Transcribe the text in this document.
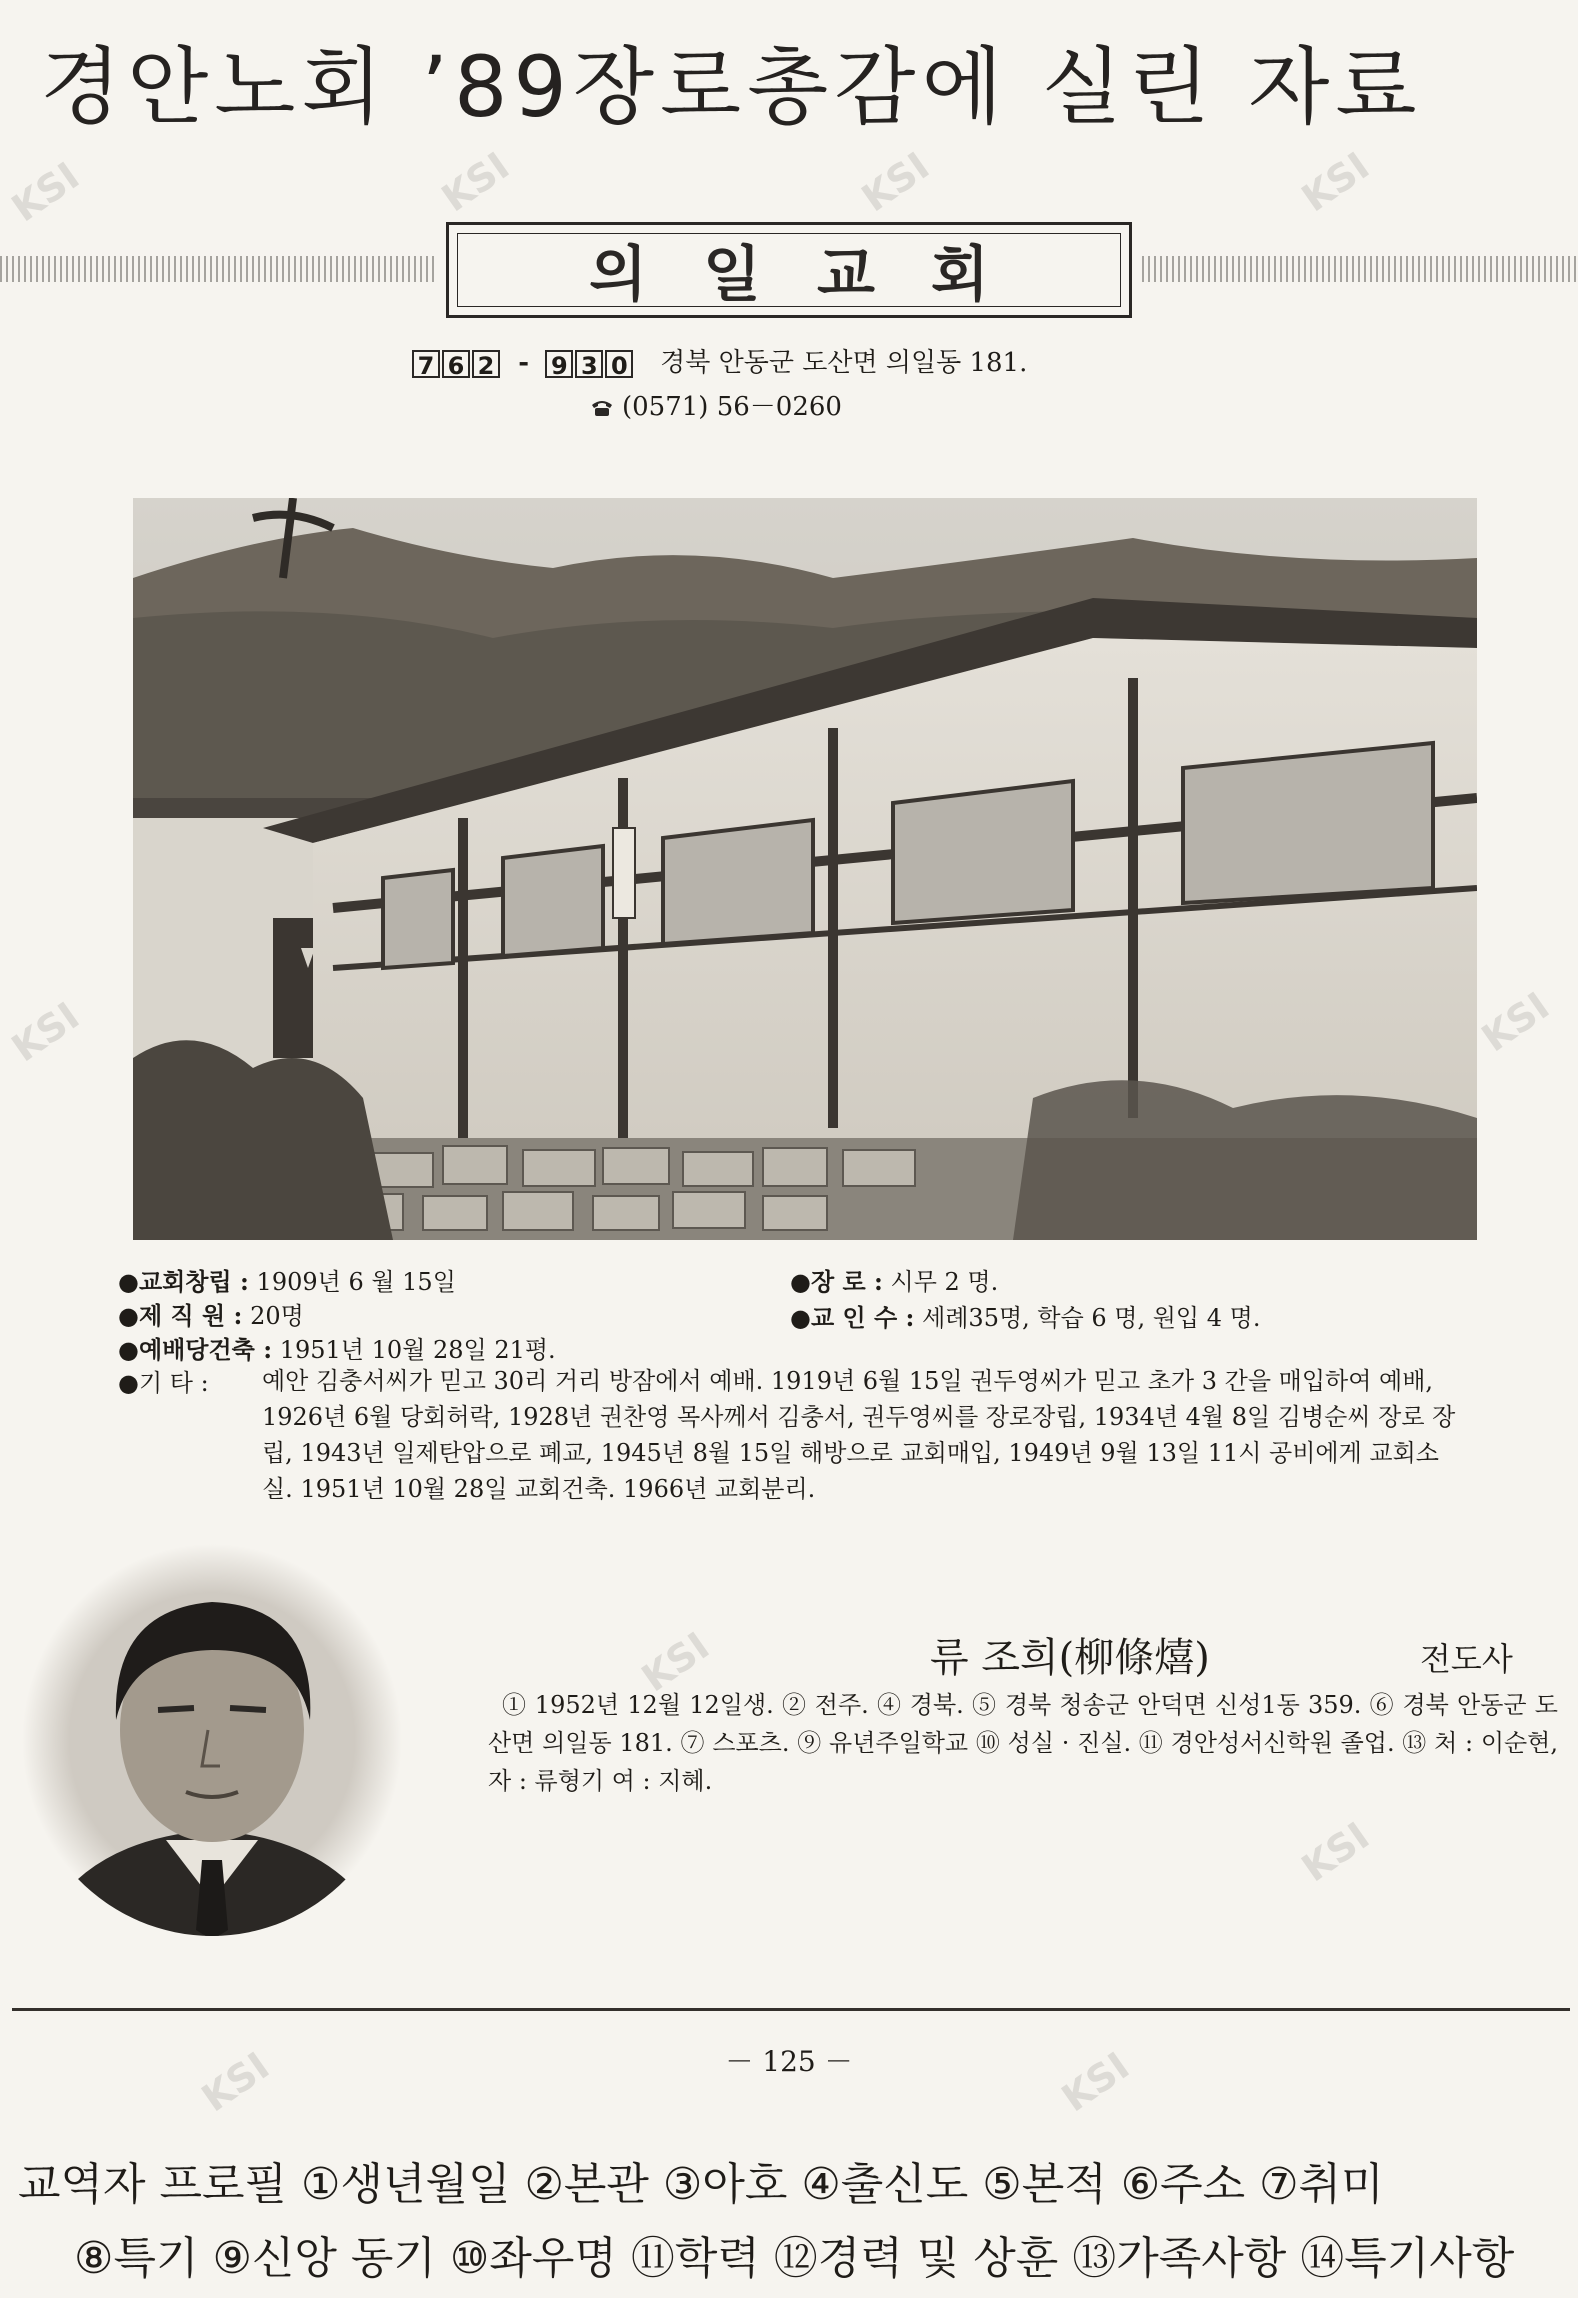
경안노회 ’89장로총감에 실린 자료
의일교회
7 6 2 - 9 3 0 경북 안동군 도산면 의일동 181.
(0571) 56－0260
●교회창립 : 1909년 6 월 15일
●제 직 원 : 20명
●예배당건축 : 1951년 10월 28일 21평.
●장 로 : 시무 2 명.
●교 인 수 : 세례35명, 학습 6 명, 원입 4 명.
●기 타 : 예안 김충서씨가 믿고 30리 거리 방잠에서 예배. 1919년 6월 15일 권두영씨가 믿고 초가 3 간을 매입하여 예배, 1926년 6월 당회허락, 1928년 권찬영 목사께서 김충서, 권두영씨를 장로장립, 1934년 4월 8일 김병순씨 장로 장립, 1943년 일제탄압으로 폐교, 1945년 8월 15일 해방으로 교회매입, 1949년 9월 13일 11시 공비에게 교회소실. 1951년 10월 28일 교회건축. 1966년 교회분리.
류 조희(柳條熺)	전도사
① 1952년 12월 12일생. ② 전주. ④ 경북. ⑤ 경북 청송군 안덕면 신성1동 359. ⑥ 경북 안동군 도산면 의일동 181. ⑦ 스포츠. ⑨ 유년주일학교 ⑩ 성실 · 진실. ⑪ 경안성서신학원 졸업. ⑬ 처 : 이순현, 자 : 류형기 여 : 지혜.
－ 125 －
교역자 프로필 ①생년월일 ②본관 ③아호 ④출신도 ⑤본적 ⑥주소 ⑦취미
⑧특기 ⑨신앙 동기 ⑩좌우명 ⑪학력 ⑫경력 및 상훈 ⑬가족사항 ⑭특기사항
KSI	KSI	KSI	KSI
KSI	KSI
KSI
KSI
KSI	KSI
